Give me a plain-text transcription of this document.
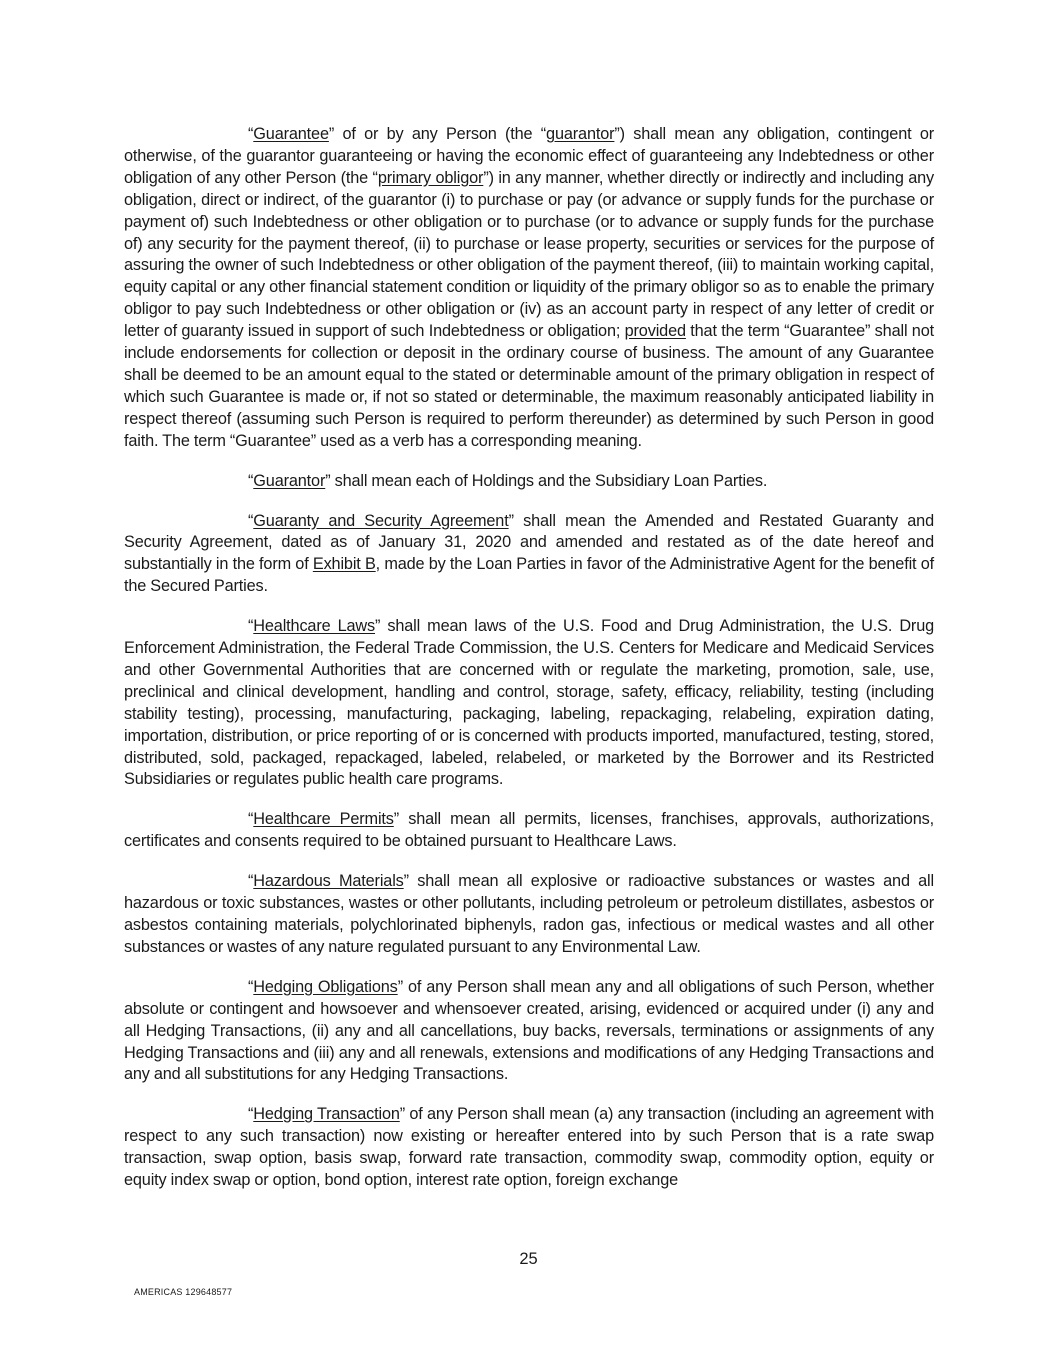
“Guarantee” of or by any Person (the “guarantor”) shall mean any obligation, contingent or otherwise, of the guarantor guaranteeing or having the economic effect of guaranteeing any Indebtedness or other obligation of any other Person (the “primary obligor”) in any manner, whether directly or indirectly and including any obligation, direct or indirect, of the guarantor (i) to purchase or pay (or advance or supply funds for the purchase or payment of) such Indebtedness or other obligation or to purchase (or to advance or supply funds for the purchase of) any security for the payment thereof, (ii) to purchase or lease property, securities or services for the purpose of assuring the owner of such Indebtedness or other obligation of the payment thereof, (iii) to maintain working capital, equity capital or any other financial statement condition or liquidity of the primary obligor so as to enable the primary obligor to pay such Indebtedness or other obligation or (iv) as an account party in respect of any letter of credit or letter of guaranty issued in support of such Indebtedness or obligation; provided that the term “Guarantee” shall not include endorsements for collection or deposit in the ordinary course of business. The amount of any Guarantee shall be deemed to be an amount equal to the stated or determinable amount of the primary obligation in respect of which such Guarantee is made or, if not so stated or determinable, the maximum reasonably anticipated liability in respect thereof (assuming such Person is required to perform thereunder) as determined by such Person in good faith. The term “Guarantee” used as a verb has a corresponding meaning.

“Guarantor” shall mean each of Holdings and the Subsidiary Loan Parties.

“Guaranty and Security Agreement” shall mean the Amended and Restated Guaranty and Security Agreement, dated as of January 31, 2020 and amended and restated as of the date hereof and substantially in the form of Exhibit B, made by the Loan Parties in favor of the Administrative Agent for the benefit of the Secured Parties.

“Healthcare Laws” shall mean laws of the U.S. Food and Drug Administration, the U.S. Drug Enforcement Administration, the Federal Trade Commission, the U.S. Centers for Medicare and Medicaid Services and other Governmental Authorities that are concerned with or regulate the marketing, promotion, sale, use, preclinical and clinical development, handling and control, storage, safety, efficacy, reliability, testing (including stability testing), processing, manufacturing, packaging, labeling, repackaging, relabeling, expiration dating, importation, distribution, or price reporting of or is concerned with products imported, manufactured, testing, stored, distributed, sold, packaged, repackaged, labeled, relabeled, or marketed by the Borrower and its Restricted Subsidiaries or regulates public health care programs.

“Healthcare Permits” shall mean all permits, licenses, franchises, approvals, authorizations, certificates and consents required to be obtained pursuant to Healthcare Laws.

“Hazardous Materials” shall mean all explosive or radioactive substances or wastes and all hazardous or toxic substances, wastes or other pollutants, including petroleum or petroleum distillates, asbestos or asbestos containing materials, polychlorinated biphenyls, radon gas, infectious or medical wastes and all other substances or wastes of any nature regulated pursuant to any Environmental Law.

“Hedging Obligations” of any Person shall mean any and all obligations of such Person, whether absolute or contingent and howsoever and whensoever created, arising, evidenced or acquired under (i) any and all Hedging Transactions, (ii) any and all cancellations, buy backs, reversals, terminations or assignments of any Hedging Transactions and (iii) any and all renewals, extensions and modifications of any Hedging Transactions and any and all substitutions for any Hedging Transactions.

“Hedging Transaction” of any Person shall mean (a) any transaction (including an agreement with respect to any such transaction) now existing or hereafter entered into by such Person that is a rate swap transaction, swap option, basis swap, forward rate transaction, commodity swap, commodity option, equity or equity index swap or option, bond option, interest rate option, foreign exchange

25
AMERICAS 129648577
